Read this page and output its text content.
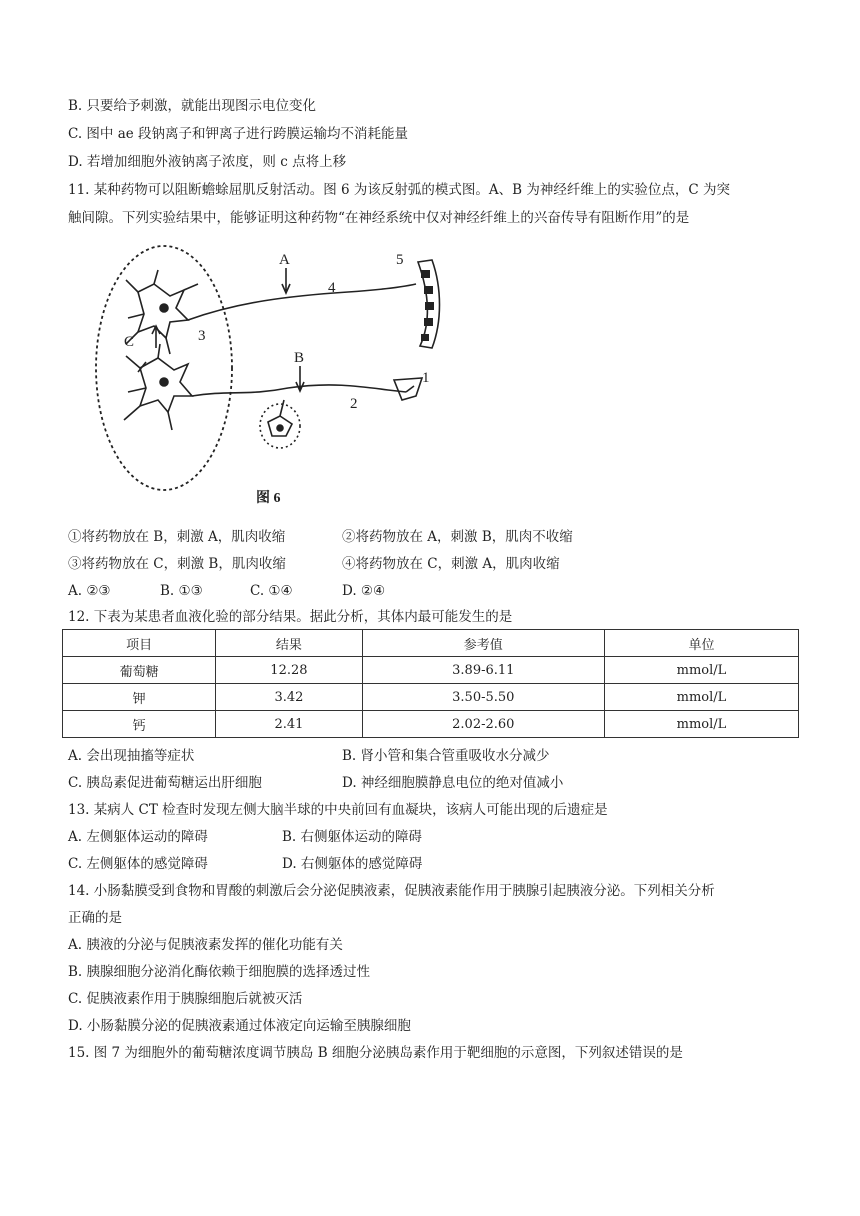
B. 只要给予刺激，就能出现图示电位变化
C. 图中 ae 段钠离子和钾离子进行跨膜运输均不消耗能量
D. 若增加细胞外液钠离子浓度，则 c 点将上移
11. 某种药物可以阻断蟾蜍屈肌反射活动。图 6 为该反射弧的模式图。A、B 为神经纤维上的实验位点，C 为突
触间隙。下列实验结果中，能够证明这种药物“在神经系统中仅对神经纤维上的兴奋传导有阻断作用”的是
A
B
C
1
2
3
4
5
图 6
①将药物放在 B，刺激 A，肌肉收缩	②将药物放在 A，刺激 B，肌肉不收缩
③将药物放在 C，刺激 B，肌肉收缩	④将药物放在 C，刺激 A，肌肉收缩
A. ②③	B. ①③	C. ①④	D. ②④
12. 下表为某患者血液化验的部分结果。据此分析，其体内最可能发生的是
项目	结果	参考值	单位
葡萄糖	12.28	3.89-6.11	mmol/L
钾	3.42	3.50-5.50	mmol/L
钙	2.41	2.02-2.60	mmol/L
A. 会出现抽搐等症状	B. 肾小管和集合管重吸收水分减少
C. 胰岛素促进葡萄糖运出肝细胞	D. 神经细胞膜静息电位的绝对值减小
13. 某病人 CT 检查时发现左侧大脑半球的中央前回有血凝块，该病人可能出现的后遗症是
A. 左侧躯体运动的障碍	B. 右侧躯体运动的障碍
C. 左侧躯体的感觉障碍	D. 右侧躯体的感觉障碍
14. 小肠黏膜受到食物和胃酸的刺激后会分泌促胰液素，促胰液素能作用于胰腺引起胰液分泌。下列相关分析
正确的是
A. 胰液的分泌与促胰液素发挥的催化功能有关
B. 胰腺细胞分泌消化酶依赖于细胞膜的选择透过性
C. 促胰液素作用于胰腺细胞后就被灭活
D. 小肠黏膜分泌的促胰液素通过体液定向运输至胰腺细胞
15. 图 7 为细胞外的葡萄糖浓度调节胰岛 B 细胞分泌胰岛素作用于靶细胞的示意图，下列叙述错误的是
